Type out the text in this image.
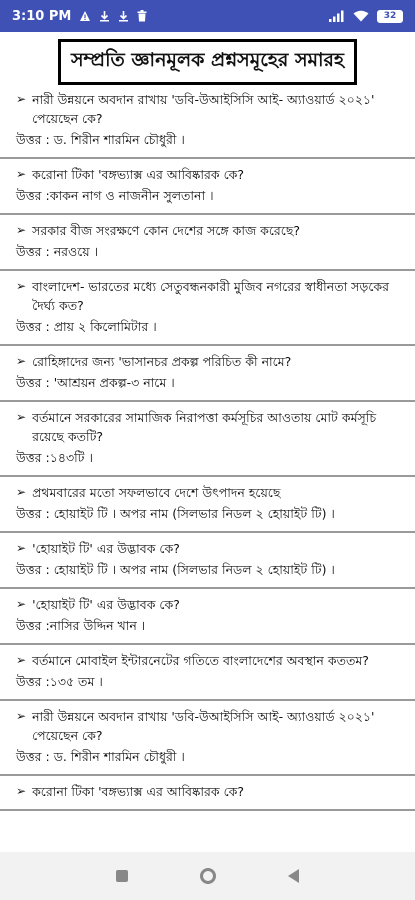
3:10 PM	32
সম্প্রতি জ্ঞানমূলক প্রশ্নসমূহের সমারহ
➢ নারী উন্নয়নে অবদান রাখায় 'ডবি-উআইসিসি আই- অ্যাওয়ার্ড ২০২১' পেয়েছেন কে?
উত্তর : ড. শিরীন শারমিন চৌধুরী ।
➢ করোনা টিকা 'বঙ্গভ্যাক্স এর আবিষ্কারক কে?
উত্তর :কাকন নাগ ও নাজনীন সুলতানা ।
➢ সরকার বীজ সংরক্ষণে কোন দেশের সঙ্গে কাজ করেছে?
উত্তর : নরওয়ে ।
➢ বাংলাদেশ- ভারতের মধ্যে সেতুবন্ধনকারী মুজিব নগরের স্বাধীনতা সড়কের দৈর্ঘ্য কত?
উত্তর : প্রায় ২ কিলোমিটার ।
➢ রোহিঙ্গাদের জন্য 'ভাসানচর প্রকল্প পরিচিত কী নামে?
উত্তর : 'আশ্রয়ন প্রকল্প-৩ নামে ।
➢ বর্তমানে সরকারের সামাজিক নিরাপত্তা কর্মসূচির আওতায় মোট কর্মসূচি রয়েছে কতটি?
উত্তর :১৪৩টি ।
➢ প্রথমবারের মতো সফলভাবে দেশে উৎপাদন হয়েছে
উত্তর : হোয়াইট টি । অপর নাম (সিলভার নিডল ২ হোয়াইট টি) ।
➢ 'হোয়াইট টি' এর উদ্ভাবক কে?
উত্তর : হোয়াইট টি । অপর নাম (সিলভার নিডল ২ হোয়াইট টি) ।
➢ 'হোয়াইট টি' এর উদ্ভাবক কে?
উত্তর :নাসির উদ্দিন খান ।
➢ বর্তমানে মোবাইল ইন্টারনেটের গতিতে বাংলাদেশের অবস্থান কততম?
উত্তর :১৩৫ তম ।
➢ নারী উন্নয়নে অবদান রাখায় 'ডবি-উআইসিসি আই- অ্যাওয়ার্ড ২০২১' পেয়েছেন কে?
উত্তর : ড. শিরীন শারমিন চৌধুরী ।
➢ করোনা টিকা 'বঙ্গভ্যাক্স এর আবিষ্কারক কে?
